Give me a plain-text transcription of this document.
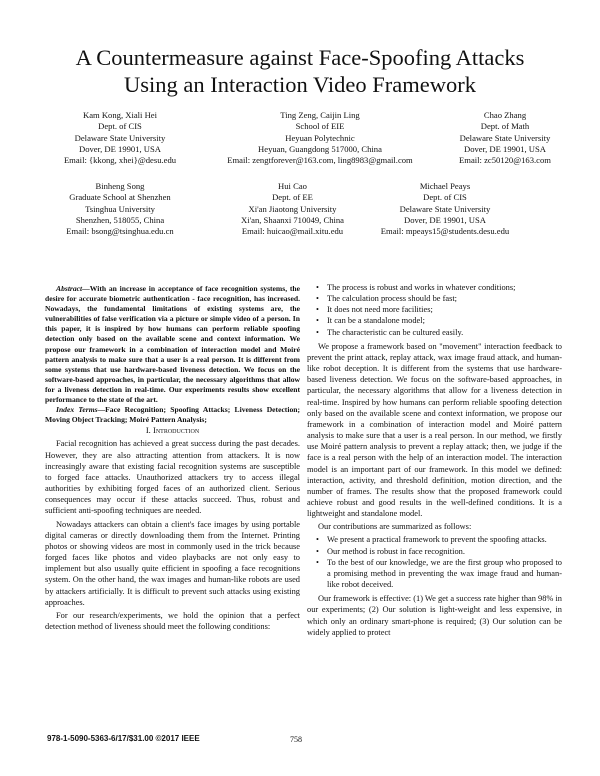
A Countermeasure against Face-Spoofing Attacks
Using an Interaction Video Framework
Kam Kong, Xiali Hei
Dept. of CIS
Delaware State University
Dover, DE 19901, USA
Email: {kkong, xhei}@desu.edu
Ting Zeng, Caijin Ling
School of EIE
Heyuan Polytechnic
Heyuan, Guangdong 517000, China
Email: zengtforever@163.com, ling8983@gmail.com
Chao Zhang
Dept. of Math
Delaware State University
Dover, DE 19901, USA
Email: zc50120@163.com
Binheng Song
Graduate School at Shenzhen
Tsinghua University
Shenzhen, 518055, China
Email: bsong@tsinghua.edu.cn
Hui Cao
Dept. of EE
Xi'an Jiaotong University
Xi'an, Shaanxi 710049, China
Email: huicao@mail.xitu.edu
Michael Peays
Dept. of CIS
Delaware State University
Dover, DE 19901, USA
Email: mpeays15@students.desu.edu

Abstract—With an increase in acceptance of face recognition systems, the desire for accurate biometric authentication - face recognition, has increased. Nowadays, the fundamental limitations of existing systems are, the vulnerabilities of false verification via a picture or simple video of a person. In this paper, it is inspired by how humans can perform reliable spoofing detection only based on the available scene and context information. We propose our framework in a combination of interaction model and Moiré pattern analysis to make sure that a user is a real person. It is different from some systems that use hardware-based liveness detection. We focus on the software-based approaches, in particular, the necessary algorithms that allow for a liveness detection in real-time. Our experiments results show excellent performance to the state of the art.

Index Terms—Face Recognition; Spoofing Attacks; Liveness Detection; Moving Object Tracking; Moiré Pattern Analysis;

I. Introduction

Facial recognition has achieved a great success during the past decades. However, they are also attracting attention from attackers. It is now increasingly aware that existing facial recognition systems are susceptible to forged face attacks. Unauthorized attackers try to access illegal authorities by exhibiting forged faces of an authorized client. Serious consequences may occur if these attacks succeed. Thus, robust and sufficient anti-spoofing techniques are needed.

Nowadays attackers can obtain a client's face images by using portable digital cameras or directly downloading them from the Internet. Printing photos or showing videos are most in commonly used in the trick because forged faces like photos and video playbacks are not only easy to implement but also usually quite efficient in spoofing a face recognitions system. On the other hand, the wax images and human-like robots are used by attackers artificially. It is difficult to prevent such attacks using existing approaches.

For our research/experiments, we hold the opinion that a perfect detection method of liveness should meet the following conditions:

• The process is robust and works in whatever conditions;
• The calculation process should be fast;
• It does not need more facilities;
• It can be a standalone model;
• The characteristic can be cultured easily.

We propose a framework based on "movement" interaction feedback to prevent the print attack, replay attack, wax image fraud attack, and human-like robot deception. It is different from the systems that use hardware-based liveness detection. We focus on the software-based approaches, in particular, the necessary algorithms that allow for a liveness detection in real-time. Inspired by how humans can perform reliable spoofing detection only based on the available scene and context information, we propose our framework in a combination of interaction model and Moiré pattern analysis to make sure that a user is a real person. In our method, we firstly use Moiré pattern analysis to prevent a replay attack; then, we judge if the face is a real person with the help of an interaction model. The interaction model is an important part of our framework. In this model we defined: interaction, activity, and threshold definition, motion direction, and the number of frames. The results show that the proposed framework could achieve robust and good results in the well-defined conditions. It is a lightweight and standalone model.

Our contributions are summarized as follows:

• We present a practical framework to prevent the spoofing attacks.
• Our method is robust in face recognition.
• To the best of our knowledge, we are the first group who proposed to a promising method in preventing the wax image fraud and human-like robot deceived.

Our framework is effective: (1) We get a success rate higher than 98% in our experiments; (2) Our solution is light-weight and less expensive, in which only an ordinary smart-phone is required; (3) Our solution can be widely applied to protect

978-1-5090-5363-6/17/$31.00 ©2017 IEEE	758
